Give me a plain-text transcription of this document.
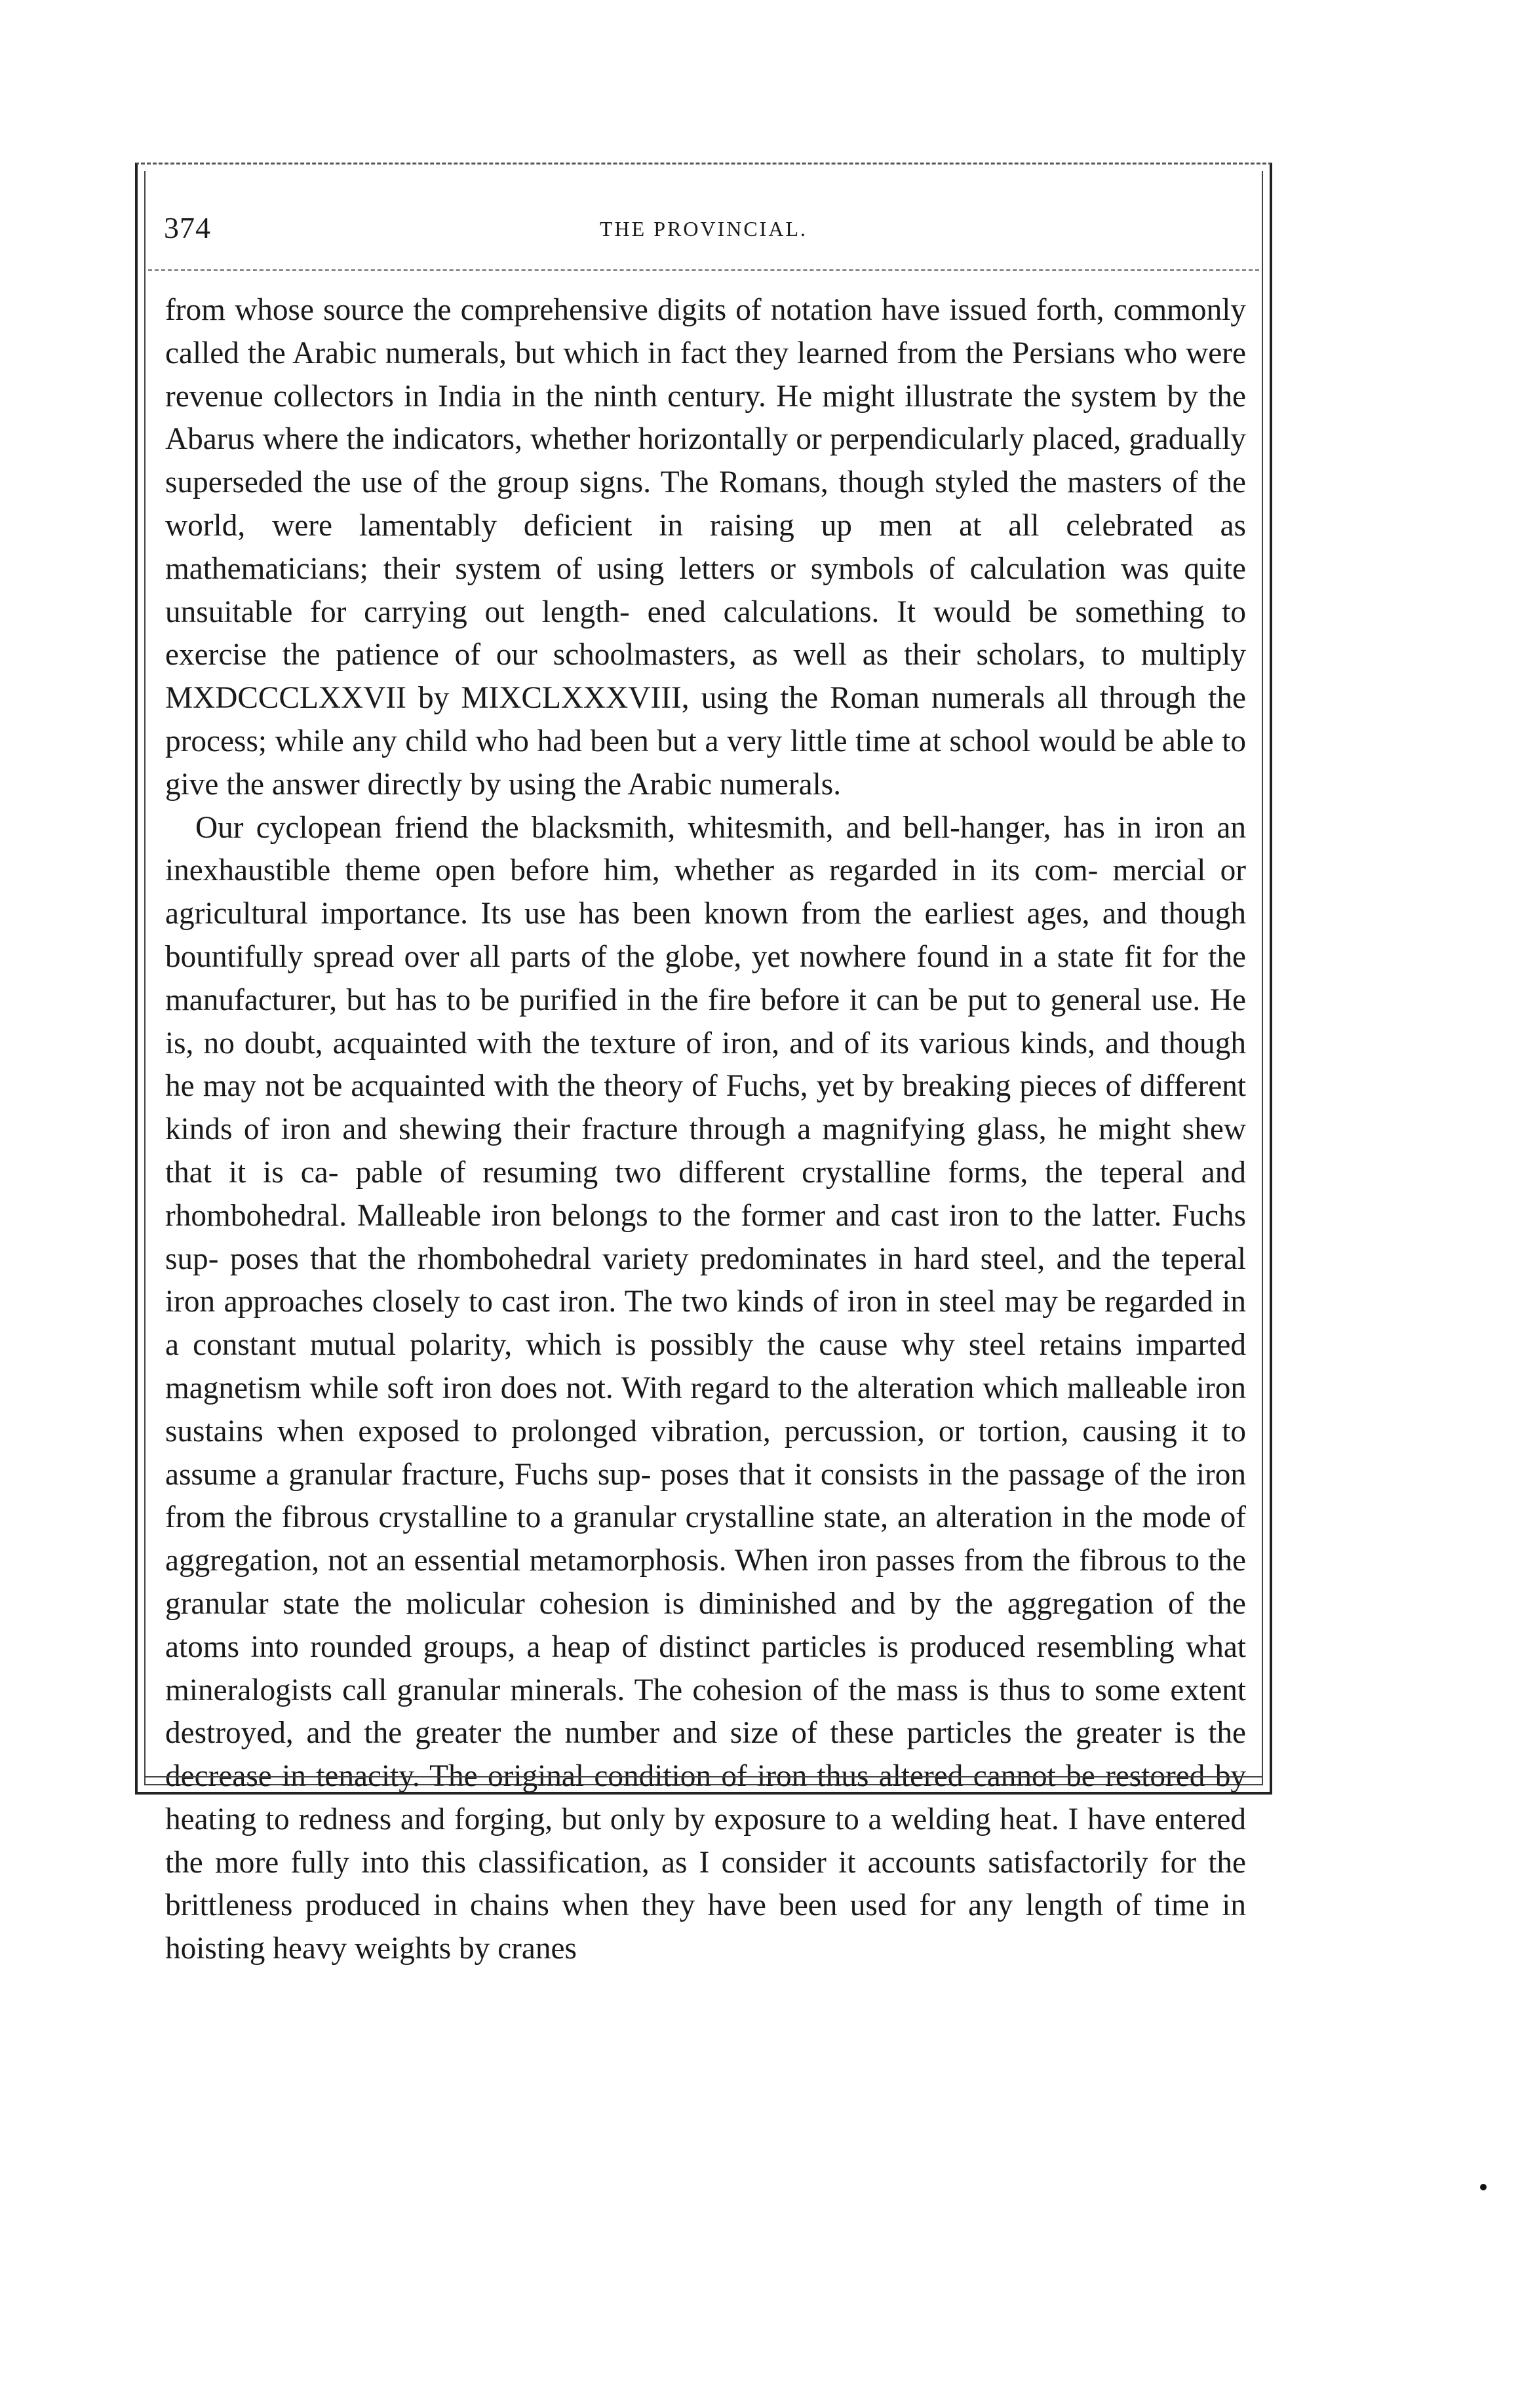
374	THE PROVINCIAL.

from whose source the comprehensive digits of notation have issued forth, commonly called the Arabic numerals, but which in fact they learned from the Persians who were revenue collectors in India in the ninth century. He might illustrate the system by the Abarus where the indicators, whether horizontally or perpendicularly placed, gradually superseded the use of the group signs. The Romans, though styled the masters of the world, were lamentably deficient in raising up men at all celebrated as mathematicians; their system of using letters or symbols of calculation was quite unsuitable for carrying out length- ened calculations. It would be something to exercise the patience of our schoolmasters, as well as their scholars, to multiply MXDCCCLXXVII by MIXCLXXXVIII, using the Roman numerals all through the process; while any child who had been but a very little time at school would be able to give the answer directly by using the Arabic numerals.

Our cyclopean friend the blacksmith, whitesmith, and bell-hanger, has in iron an inexhaustible theme open before him, whether as regarded in its com- mercial or agricultural importance. Its use has been known from the earliest ages, and though bountifully spread over all parts of the globe, yet nowhere found in a state fit for the manufacturer, but has to be purified in the fire before it can be put to general use. He is, no doubt, acquainted with the texture of iron, and of its various kinds, and though he may not be acquainted with the theory of Fuchs, yet by breaking pieces of different kinds of iron and shewing their fracture through a magnifying glass, he might shew that it is ca- pable of resuming two different crystalline forms, the teperal and rhombohedral. Malleable iron belongs to the former and cast iron to the latter. Fuchs sup- poses that the rhombohedral variety predominates in hard steel, and the teperal iron approaches closely to cast iron. The two kinds of iron in steel may be regarded in a constant mutual polarity, which is possibly the cause why steel retains imparted magnetism while soft iron does not. With regard to the alteration which malleable iron sustains when exposed to prolonged vibration, percussion, or tortion, causing it to assume a granular fracture, Fuchs sup- poses that it consists in the passage of the iron from the fibrous crystalline to a granular crystalline state, an alteration in the mode of aggregation, not an essential metamorphosis. When iron passes from the fibrous to the granular state the molicular cohesion is diminished and by the aggregation of the atoms into rounded groups, a heap of distinct particles is produced resembling what mineralogists call granular minerals. The cohesion of the mass is thus to some extent destroyed, and the greater the number and size of these particles the greater is the decrease in tenacity. The original condition of iron thus altered cannot be restored by heating to redness and forging, but only by exposure to a welding heat. I have entered the more fully into this classification, as I consider it accounts satisfactorily for the brittleness produced in chains when they have been used for any length of time in hoisting heavy weights by cranes
